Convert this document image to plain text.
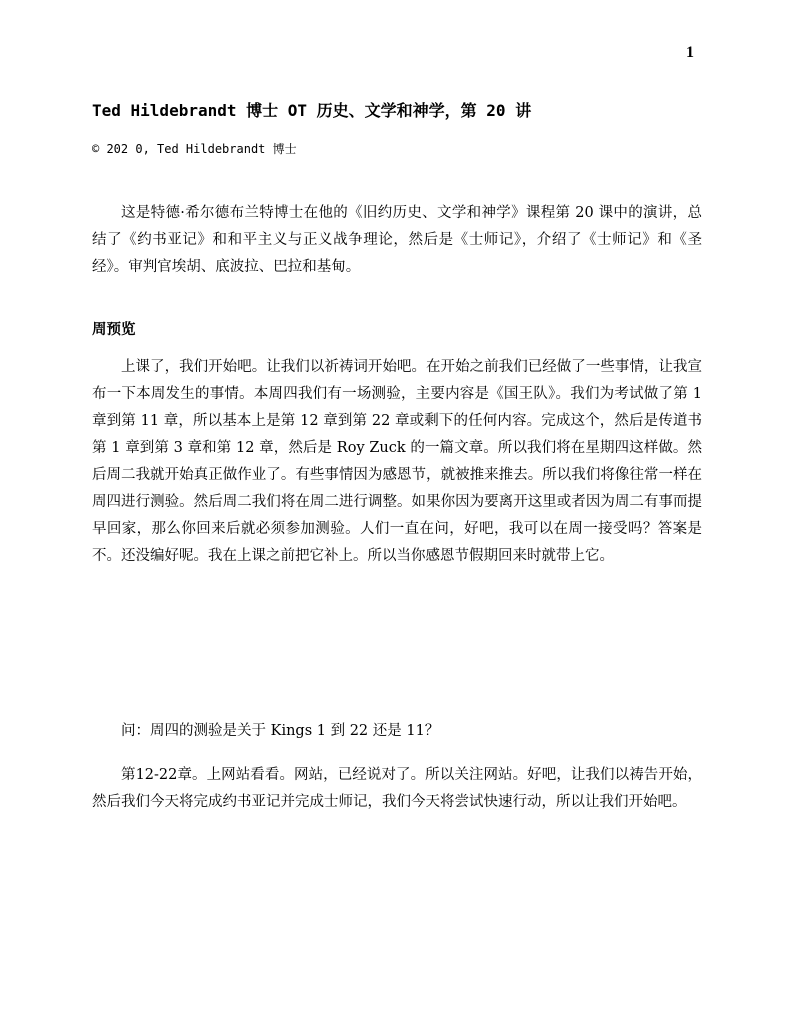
1
Ted Hildebrandt 博士 OT 历史、文学和神学，第 20 讲
© 202 0, Ted Hildebrandt 博士

这是特德·希尔德布兰特博士在他的《旧约历史、文学和神学》课程第 20 课中的演讲，总结了《约书亚记》和和平主义与正义战争理论，然后是《士师记》，介绍了《士师记》和《圣经》。审判官埃胡、底波拉、巴拉和基甸。

周预览

上课了，我们开始吧。让我们以祈祷词开始吧。在开始之前我们已经做了一些事情，让我宣布一下本周发生的事情。本周四我们有一场测验，主要内容是《国王队》。我们为考试做了第 1 章到第 11 章，所以基本上是第 12 章到第 22 章或剩下的任何内容。完成这个，然后是传道书第 1 章到第 3 章和第 12 章，然后是 Roy Zuck 的一篇文章。所以我们将在星期四这样做。然后周二我就开始真正做作业了。有些事情因为感恩节，就被推来推去。所以我们将像往常一样在周四进行测验。然后周二我们将在周二进行调整。如果你因为要离开这里或者因为周二有事而提早回家，那么你回来后就必须参加测验。人们一直在问，好吧，我可以在周一接受吗？答案是不。还没编好呢。我在上课之前把它补上。所以当你感恩节假期回来时就带上它。

问：周四的测验是关于 Kings 1 到 22 还是 11？

第12-22章。上网站看看。网站，已经说对了。所以关注网站。好吧，让我们以祷告开始，然后我们今天将完成约书亚记并完成士师记，我们今天将尝试快速行动，所以让我们开始吧。
